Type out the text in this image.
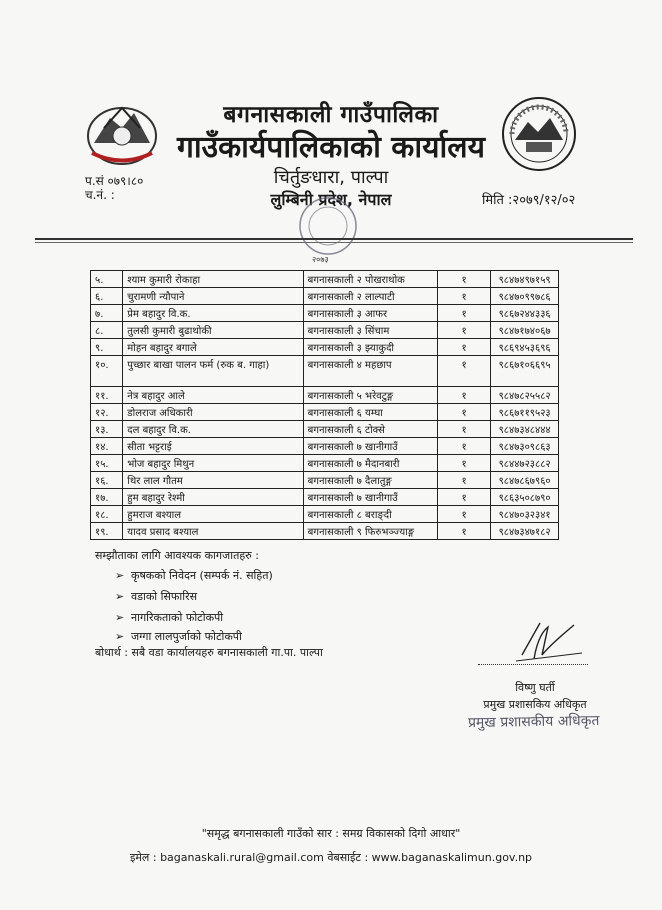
बगनासकाली गाउँपालिका
गाउँकार्यपालिकाको कार्यालय
चिर्तुङधारा, पाल्पा
लुम्बिनी प्रदेश, नेपाल
प.सं ०७९।८०
च.नं. :	मिति :२०७९/१२/०२
२०७३
५.	श्याम कुमारी रोकाहा	बगनासकाली २ पोखराथोक	१	९८४७४९७१५९
६.	चुरामणी न्यौपाने	बगनासकाली २ लाल्पाटी	१	९८४७०९९७८६
७.	प्रेम बहादुर वि.क.	बगनासकाली ३ आफर	१	९८६७२४४३३६
८.	तुलसी कुमारी बुढाथोकी	बगनासकाली ३ सिंचाम	१	९८४७१७४०६७
९.	मोहन बहादुर बगाले	बगनासकाली ३ झ्याकुदी	१	९८६९४५३६९६
१०.	पुच्छार बाखा पालन फर्म (रुक ब. गाहा)	बगनासकाली ४ महछाप	१	९८६७१०६६९५
११.	नेत्र बहादुर आले	बगनासकाली ५ भरेवटुङ्ग	१	९८४७८२५५८२
१२.	डोलराज अधिकारी	बगनासकाली ६ यम्घा	१	९८६७११९५२३
१३.	दल बहादुर वि.क.	बगनासकाली ६ टोक्से	१	९८४७३४८४४४
१४.	सीता भट्टराई	बगनासकाली ७ खानीगाउँ	१	९८४७३०९८६३
१५.	भोज बहादुर मिथुन	बगनासकाली ७ मैदानबारी	१	९८४४७२३८८२
१६.	थिर लाल गौतम	बगनासकाली ७ दैलातुङ्ग	१	९८४७८६७९६०
१७.	हुम बहादुर रेश्मी	बगनासकाली ७ खानीगाउँ	१	९८६३५०८७९०
१८.	हुमराज बश्याल	बगनासकाली ८ बराङ्दी	१	९८४७०३२३४१
१९.	यादव प्रसाद बश्याल	बगनासकाली ९ फिरुभञ्ज्याङ्ग	१	९८४७३४७१८२
सम्झौताका लागि आवश्यक कागजातहरु :
➢ कृषकको निवेदन (सम्पर्क नं. सहित)
➢ वडाको सिफारिस
➢ नागरिकताको फोटोकपी
➢ जग्गा लालपुर्जाको फोटोकपी
बोधार्थ : सबै वडा कार्यालयहरु बगनासकाली गा.पा. पाल्पा
विष्णु घर्ती
प्रमुख प्रशासकिय अधिकृत
प्रमुख प्रशासकीय अधिकृत
"समृद्ध बगनासकाली गाउँको सार : समग्र विकासको दिगो आधार"
इमेल : baganaskali.rural@gmail.com वेबसाईट : www.baganaskalimun.gov.np
